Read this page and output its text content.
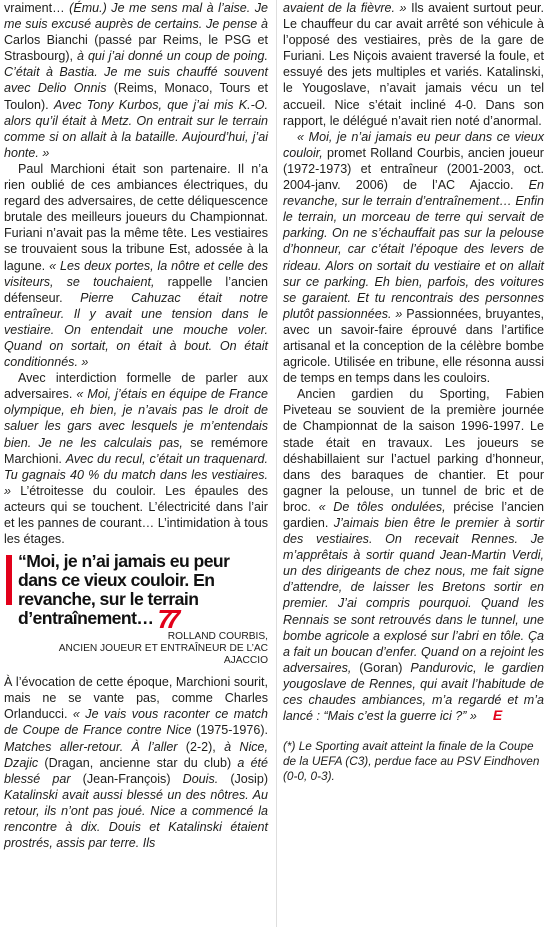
vraiment… (Ému.) Je me sens mal à l’aise. Je me suis excusé auprès de certains. Je pense à Carlos Bianchi (passé par Reims, le PSG et Strasbourg), à qui j’ai donné un coup de poing. C’était à Bastia. Je me suis chauffé souvent avec Delio Onnis (Reims, Monaco, Tours et Toulon). Avec Tony Kurbos, que j’ai mis K.-O. alors qu’il était à Metz. On entrait sur le terrain comme si on allait à la bataille. Aujourd’hui, j’ai honte. »

Paul Marchioni était son partenaire. Il n’a rien oublié de ces ambiances électriques, du regard des adversaires, de cette déliquescence brutale des meilleurs joueurs du Championnat. Furiani n’avait pas la même tête. Les vestiaires se trouvaient sous la tribune Est, adossée à la lagune. « Les deux portes, la nôtre et celle des visiteurs, se touchaient, rappelle l’ancien défenseur. Pierre Cahuzac était notre entraîneur. Il y avait une tension dans le vestiaire. On entendait une mouche voler. Quand on sortait, on était à bout. On était conditionnés. »

Avec interdiction formelle de parler aux adversaires. « Moi, j’étais en équipe de France olympique, eh bien, je n’avais pas le droit de saluer les gars avec lesquels je m’entendais bien. Je ne les calculais pas, se remémore Marchioni. Avec du recul, c’était un traquenard. Tu gagnais 40 % du match dans les vestiaires. » L’étroitesse du couloir. Les épaules des acteurs qui se touchent. L’électricité dans l’air et les pannes de courant… L’intimidation à tous les étages.

“Moi, je n’ai jamais eu peur dans ce vieux couloir. En revanche, sur le terrain d’entraînement… 77
ROLLAND COURBIS,
ANCIEN JOUEUR ET ENTRAÎNEUR DE L’AC AJACCIO

À l’évocation de cette époque, Marchioni sourit, mais ne se vante pas, comme Charles Orlanducci. « Je vais vous raconter ce match de Coupe de France contre Nice (1975-1976). Matches aller-retour. À l’aller (2-2), à Nice, Dzajic (Dragan, ancienne star du club) a été blessé par (Jean-François) Douis. (Josip) Katalinski avait aussi blessé un des nôtres. Au retour, ils n’ont pas joué. Nice a commencé la rencontre à dix. Douis et Katalinski étaient prostrés, assis par terre. Ils

avaient de la fièvre. » Ils avaient surtout peur. Le chauffeur du car avait arrêté son véhicule à l’opposé des vestiaires, près de la gare de Furiani. Les Niçois avaient traversé la foule, et essuyé des jets multiples et variés. Katalinski, le Yougoslave, n’avait jamais vécu un tel accueil. Nice s’était incliné 4-0. Dans son rapport, le délégué n’avait rien noté d’anormal.

« Moi, je n’ai jamais eu peur dans ce vieux couloir, promet Rolland Courbis, ancien joueur (1972-1973) et entraîneur (2001-2003, oct. 2004-janv. 2006) de l’AC Ajaccio. En revanche, sur le terrain d’entraînement… Enfin le terrain, un morceau de terre qui servait de parking. On ne s’échauffait pas sur la pelouse d’honneur, car c’était l’époque des levers de rideau. Alors on sortait du vestiaire et on allait sur ce parking. Eh bien, parfois, des voitures se garaient. Et tu rencontrais des personnes plutôt passionnées. » Passionnées, bruyantes, avec un savoir-faire éprouvé dans l’artifice artisanal et la conception de la célèbre bombe agricole. Utilisée en tribune, elle résonna aussi de temps en temps dans les couloirs.

Ancien gardien du Sporting, Fabien Piveteau se souvient de la première journée de Championnat de la saison 1996-1997. Le stade était en travaux. Les joueurs se déshabillaient sur l’actuel parking d’honneur, dans des baraques de chantier. Et pour gagner la pelouse, un tunnel de bric et de broc. « De tôles ondulées, précise l’ancien gardien. J’aimais bien être le premier à sortir des vestiaires. On recevait Rennes. Je m’apprêtais à sortir quand Jean-Martin Verdi, un des dirigeants de chez nous, me fait signe d’attendre, de laisser les Bretons sortir en premier. J’ai compris pourquoi. Quand les Rennais se sont retrouvés dans le tunnel, une bombe agricole a explosé sur l’abri en tôle. Ça a fait un boucan d’enfer. Quand on a rejoint les adversaires, (Goran) Pandurovic, le gardien yougoslave de Rennes, qui avait l’habitude de ces chaudes ambiances, m’a regardé et m’a lancé : “Mais c’est la guerre ici ?” » E

(*) Le Sporting avait atteint la finale de la Coupe de la UEFA (C3), perdue face au PSV Eindhoven (0-0, 0-3).
